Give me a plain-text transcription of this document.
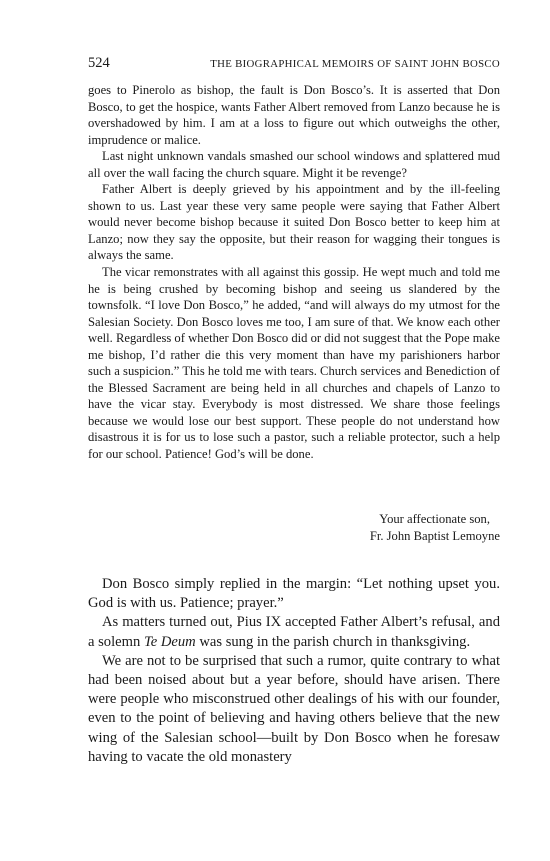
524	THE BIOGRAPHICAL MEMOIRS OF SAINT JOHN BOSCO

goes to Pinerolo as bishop, the fault is Don Bosco’s. It is asserted that Don Bosco, to get the hospice, wants Father Albert removed from Lanzo because he is overshadowed by him. I am at a loss to figure out which outweighs the other, imprudence or malice.

Last night unknown vandals smashed our school windows and splattered mud all over the wall facing the church square. Might it be revenge?

Father Albert is deeply grieved by his appointment and by the ill-feeling shown to us. Last year these very same people were saying that Father Albert would never become bishop because it suited Don Bosco better to keep him at Lanzo; now they say the opposite, but their reason for wagging their tongues is always the same.

The vicar remonstrates with all against this gossip. He wept much and told me he is being crushed by becoming bishop and seeing us slandered by the townsfolk. “I love Don Bosco,” he added, “and will always do my utmost for the Salesian Society. Don Bosco loves me too, I am sure of that. We know each other well. Regardless of whether Don Bosco did or did not suggest that the Pope make me bishop, I’d rather die this very moment than have my parishioners harbor such a suspicion.” This he told me with tears. Church services and Benediction of the Blessed Sacrament are being held in all churches and chapels of Lanzo to have the vicar stay. Everybody is most distressed. We share those feelings because we would lose our best support. These people do not understand how disastrous it is for us to lose such a pastor, such a reliable protector, such a help for our school. Patience! God’s will be done.

Your affectionate son,
Fr. John Baptist Lemoyne

Don Bosco simply replied in the margin: “Let nothing upset you. God is with us. Patience; prayer.”

As matters turned out, Pius IX accepted Father Albert’s refusal, and a solemn Te Deum was sung in the parish church in thanksgiving.

We are not to be surprised that such a rumor, quite contrary to what had been noised about but a year before, should have arisen. There were people who misconstrued other dealings of his with our founder, even to the point of believing and having others believe that the new wing of the Salesian school—built by Don Bosco when he foresaw having to vacate the old monastery
